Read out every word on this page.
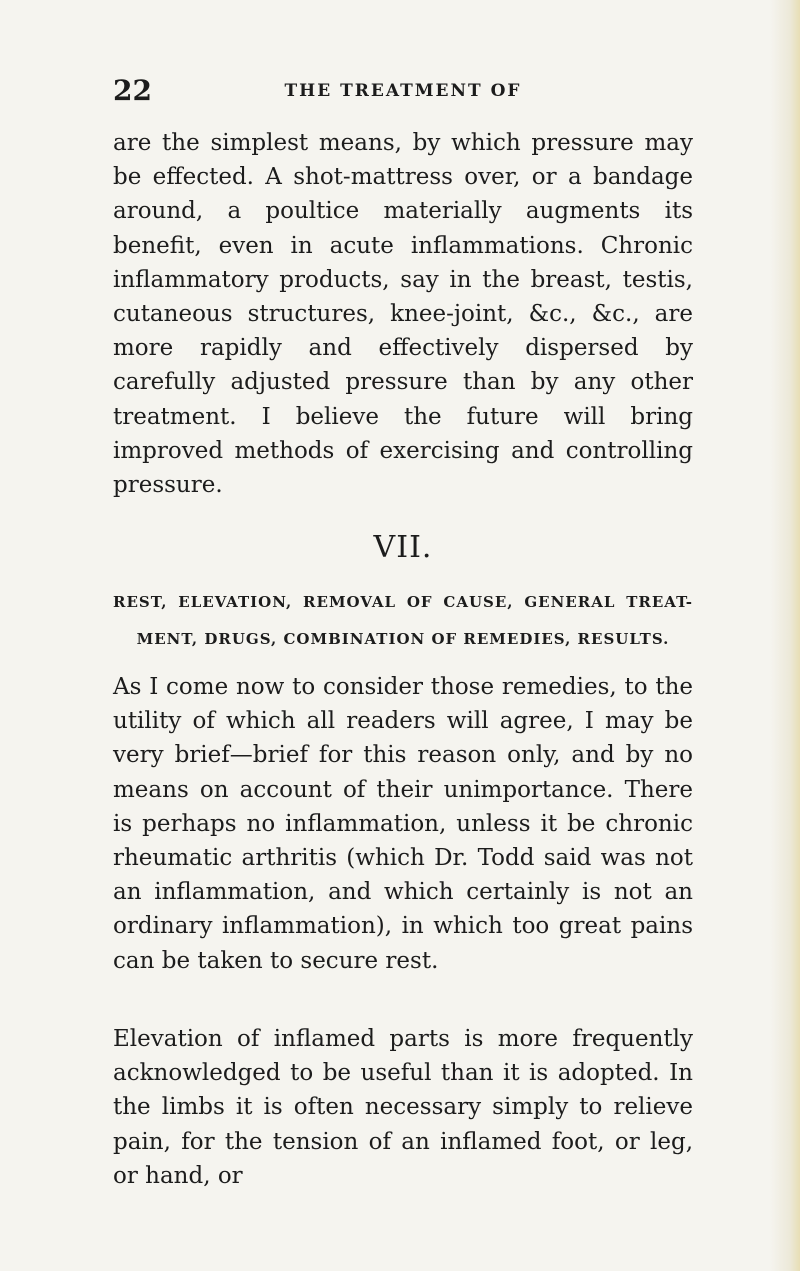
22	THE TREATMENT OF

are the simplest means, by which pressure may be effected. A shot-mattress over, or a bandage around, a poultice materially augments its benefit, even in acute inflammations. Chronic inflammatory products, say in the breast, testis, cutaneous structures, knee-joint, &c., &c., are more rapidly and effectively dispersed by carefully adjusted pressure than by any other treatment. I believe the future will bring improved methods of exercising and controlling pressure.

VII.

REST, ELEVATION, REMOVAL OF CAUSE, GENERAL TREAT- MENT, DRUGS, COMBINATION OF REMEDIES, RESULTS.

As I come now to consider those remedies, to the utility of which all readers will agree, I may be very brief—brief for this reason only, and by no means on account of their unimportance. There is perhaps no inflammation, unless it be chronic rheumatic arthritis (which Dr. Todd said was not an inflammation, and which certainly is not an ordinary inflammation), in which too great pains can be taken to secure rest.

Elevation of inflamed parts is more frequently acknowledged to be useful than it is adopted. In the limbs it is often necessary simply to relieve pain, for the tension of an inflamed foot, or leg, or hand, or
